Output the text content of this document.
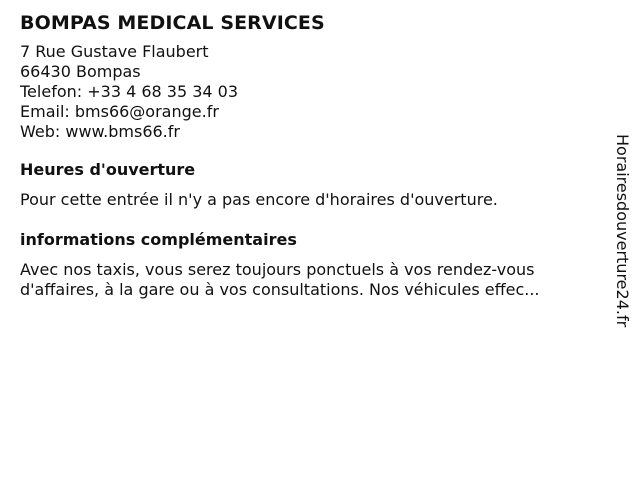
BOMPAS MEDICAL SERVICES
7 Rue Gustave Flaubert
66430 Bompas
Telefon: +33 4 68 35 34 03
Email: bms66@orange.fr
Web: www.bms66.fr
Heures d'ouverture

Pour cette entrée il n'y a pas encore d'horaires d'ouverture.

informations complémentaires

Avec nos taxis, vous serez toujours ponctuels à vos rendez-vous
d'affaires, à la gare ou à vos consultations. Nos véhicules effec...	Horairesdouverture24.fr
